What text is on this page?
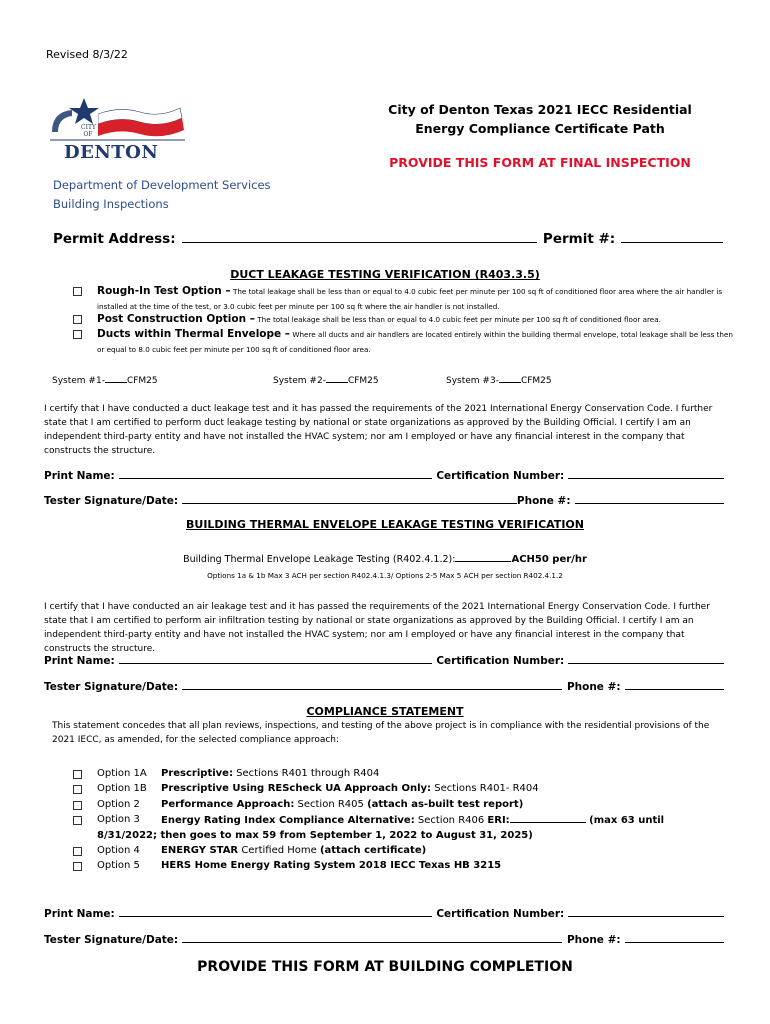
Revised 8/3/22
CITY OF
DENTON
Department of Development Services
Building Inspections
City of Denton Texas 2021 IECC Residential
Energy Compliance Certificate Path
PROVIDE THIS FORM AT FINAL INSPECTION
Permit Address:	Permit #:
DUCT LEAKAGE TESTING VERIFICATION (R403.3.5)
Rough-In Test Option – The total leakage shall be less than or equal to 4.0 cubic feet per minute per 100 sq ft of conditioned floor area where the air handler is installed at the time of the test, or 3.0 cubic feet per minute per 100 sq ft where the air handler is not installed.
Post Construction Option – The total leakage shall be less than or equal to 4.0 cubic feet per minute per 100 sq ft of conditioned floor area.
Ducts within Thermal Envelope – Where all ducts and air handlers are located entirely within the building thermal envelope, total leakage shall be less then or equal to 8.0 cubic feet per minute per 100 sq ft of conditioned floor area.
System #1- CFM25	System #2- CFM25	System #3- CFM25
I certify that I have conducted a duct leakage test and it has passed the requirements of the 2021 International Energy Conservation Code. I further state that I am certified to perform duct leakage testing by national or state organizations as approved by the Building Official. I certify I am an independent third-party entity and have not installed the HVAC system; nor am I employed or have any financial interest in the company that constructs the structure.
Print Name:	Certification Number:
Tester Signature/Date:	Phone #:
BUILDING THERMAL ENVELOPE LEAKAGE TESTING VERIFICATION
Building Thermal Envelope Leakage Testing (R402.4.1.2):	ACH50 per/hr
Options 1a & 1b Max 3 ACH per section R402.4.1.3/ Options 2-5 Max 5 ACH per section R402.4.1.2
I certify that I have conducted an air leakage test and it has passed the requirements of the 2021 International Energy Conservation Code. I further state that I am certified to perform air infiltration testing by national or state organizations as approved by the Building Official. I certify I am an independent third-party entity and have not installed the HVAC system; nor am I employed or have any financial interest in the company that constructs the structure.
Print Name:	Certification Number:
Tester Signature/Date:	Phone #:
COMPLIANCE STATEMENT
This statement concedes that all plan reviews, inspections, and testing of the above project is in compliance with the residential provisions of the 2021 IECC, as amended, for the selected compliance approach:
Option 1A Prescriptive: Sections R401 through R404
Option 1B Prescriptive Using REScheck UA Approach Only: Sections R401- R404
Option 2 Performance Approach: Section R405 (attach as-built test report)
Option 3 Energy Rating Index Compliance Alternative: Section R406 ERI:	(max 63 until
8/31/2022; then goes to max 59 from September 1, 2022 to August 31, 2025)
Option 4 ENERGY STAR Certified Home (attach certificate)
Option 5 HERS Home Energy Rating System 2018 IECC Texas HB 3215
Print Name:	Certification Number:
Tester Signature/Date:	Phone #:
PROVIDE THIS FORM AT BUILDING COMPLETION
